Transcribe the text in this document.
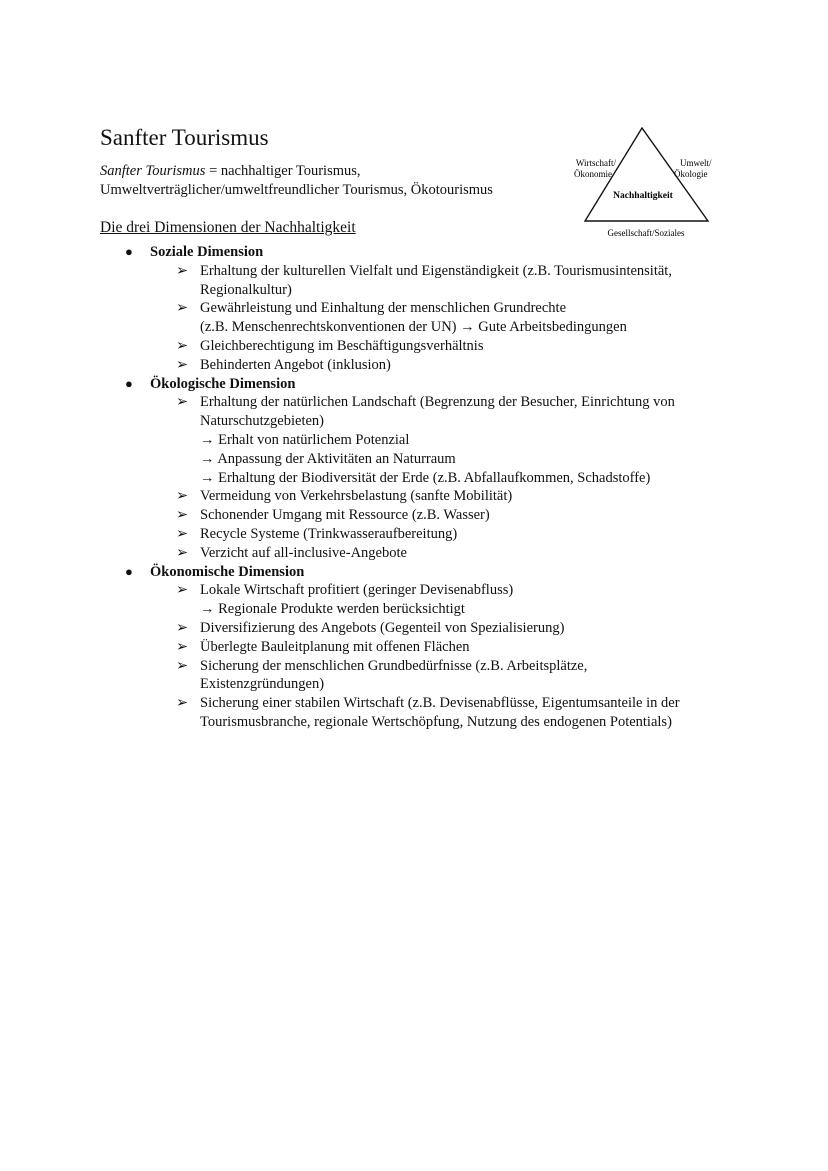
Sanfter Tourismus
Sanfter Tourismus = nachhaltiger Tourismus,
Umweltverträglicher/umweltfreundlicher Tourismus, Ökotourismus
Wirtschaft/
Ökonomie
Umwelt/
Ökologie
Nachhaltigkeit
Gesellschaft/Soziales
Die drei Dimensionen der Nachhaltigkeit
● Soziale Dimension
➢ Erhaltung der kulturellen Vielfalt und Eigenständigkeit (z.B. Tourismusintensität,
Regionalkultur)
➢ Gewährleistung und Einhaltung der menschlichen Grundrechte
(z.B. Menschenrechtskonventionen der UN) → Gute Arbeitsbedingungen
➢ Gleichberechtigung im Beschäftigungsverhältnis
➢ Behinderten Angebot (inklusion)
● Ökologische Dimension
➢ Erhaltung der natürlichen Landschaft (Begrenzung der Besucher, Einrichtung von
Naturschutzgebieten)
→ Erhalt von natürlichem Potenzial
→ Anpassung der Aktivitäten an Naturraum
→ Erhaltung der Biodiversität der Erde (z.B. Abfallaufkommen, Schadstoffe)
➢ Vermeidung von Verkehrsbelastung (sanfte Mobilität)
➢ Schonender Umgang mit Ressource (z.B. Wasser)
➢ Recycle Systeme (Trinkwasseraufbereitung)
➢ Verzicht auf all-inclusive-Angebote
● Ökonomische Dimension
➢ Lokale Wirtschaft profitiert (geringer Devisenabfluss)
→ Regionale Produkte werden berücksichtigt
➢ Diversifizierung des Angebots (Gegenteil von Spezialisierung)
➢ Überlegte Bauleitplanung mit offenen Flächen
➢ Sicherung der menschlichen Grundbedürfnisse (z.B. Arbeitsplätze,
Existenzgründungen)
➢ Sicherung einer stabilen Wirtschaft (z.B. Devisenabflüsse, Eigentumsanteile in der
Tourismusbranche, regionale Wertschöpfung, Nutzung des endogenen Potentials)
